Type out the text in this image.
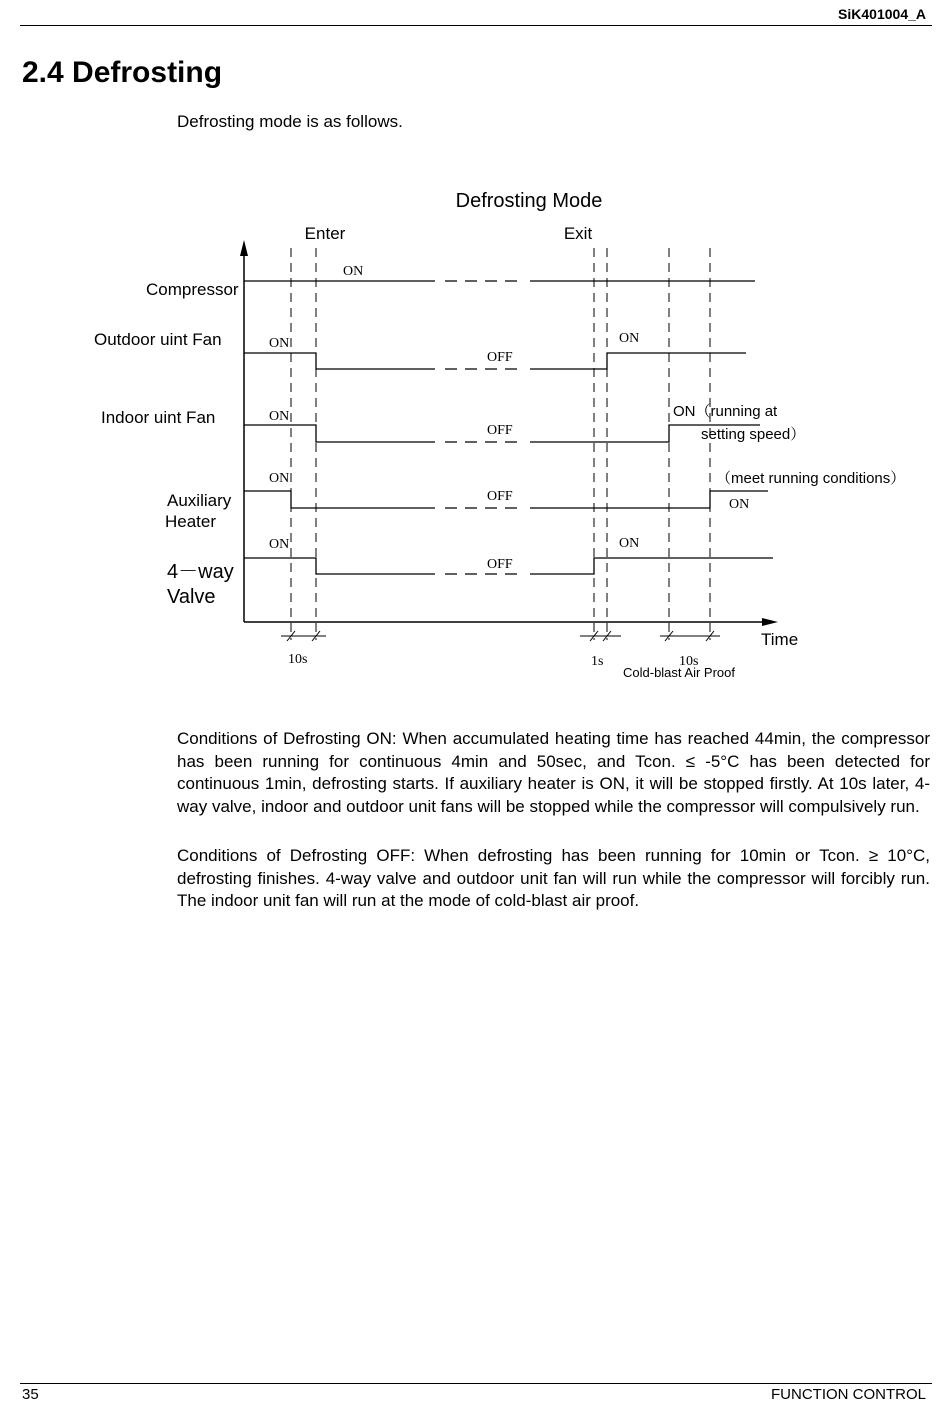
SiK401004_A
2.4 Defrosting
Defrosting mode is as follows.
Defrosting Mode
Enter	Exit
Time
Compressor
Outdoor uint Fan
Indoor uint Fan
Auxiliary
Heater
4－way
Valve
ON
ON
OFF
ON
ON
OFF
ON（running at
setting speed）
ON
OFF
（meet running conditions）
ON
ON
OFF
ON
10s	1s	10s
Cold-blast Air Proof

Conditions of Defrosting ON: When accumulated heating time has reached 44min, the compressor has been running for continuous 4min and 50sec, and Tcon. ≤ -5°C has been detected for continuous 1min, defrosting starts. If auxiliary heater is ON, it will be stopped firstly. At 10s later, 4-way valve, indoor and outdoor unit fans will be stopped while the compressor will compulsively run.

Conditions of Defrosting OFF: When defrosting has been running for 10min or Tcon. ≥ 10°C, defrosting finishes. 4-way valve and outdoor unit fan will run while the compressor will forcibly run. The indoor unit fan will run at the mode of cold-blast air proof.

35	FUNCTION CONTROL
